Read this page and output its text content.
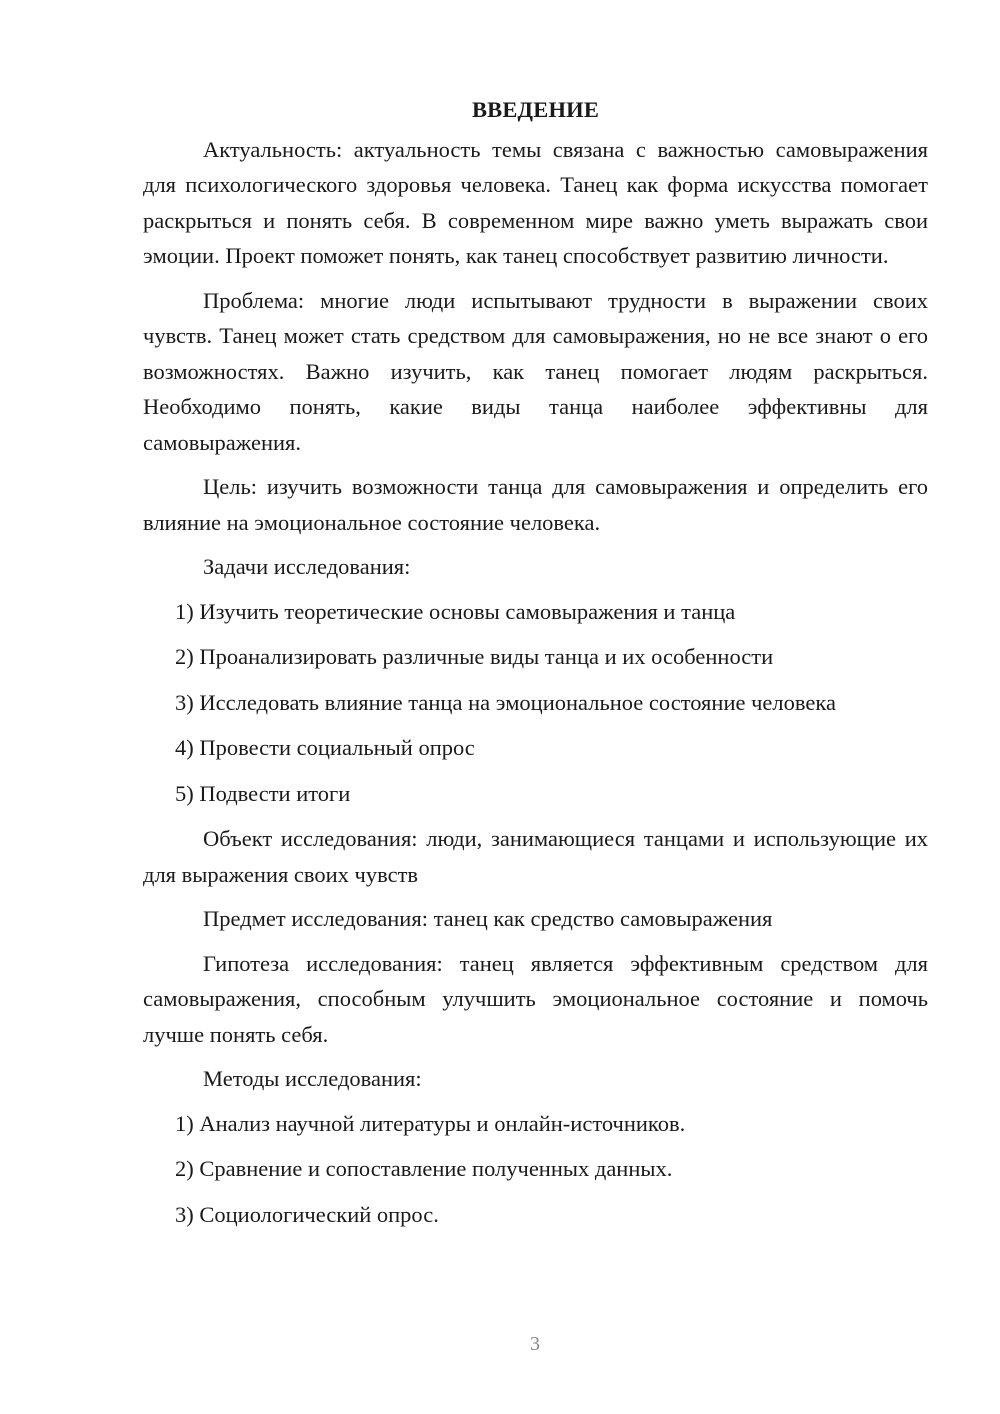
ВВЕДЕНИЕ

Актуальность: актуальность темы связана с важностью самовыражения для психологического здоровья человека. Танец как форма искусства помогает раскрыться и понять себя. В современном мире важно уметь выражать свои эмоции. Проект поможет понять, как танец способствует развитию личности.

Проблема: многие люди испытывают трудности в выражении своих чувств. Танец может стать средством для самовыражения, но не все знают о его возможностях. Важно изучить, как танец помогает людям раскрыться. Необходимо понять, какие виды танца наиболее эффективны для самовыражения.

Цель: изучить возможности танца для самовыражения и определить его влияние на эмоциональное состояние человека.

Задачи исследования:

1) Изучить теоретические основы самовыражения и танца

2) Проанализировать различные виды танца и их особенности

3) Исследовать влияние танца на эмоциональное состояние человека

4) Провести социальный опрос

5) Подвести итоги

Объект исследования: люди, занимающиеся танцами и использующие их для выражения своих чувств

Предмет исследования: танец как средство самовыражения

Гипотеза исследования: танец является эффективным средством для самовыражения, способным улучшить эмоциональное состояние и помочь лучше понять себя.

Методы исследования:

1) Анализ научной литературы и онлайн-источников.

2) Сравнение и сопоставление полученных данных.

3) Социологический опрос.

3
